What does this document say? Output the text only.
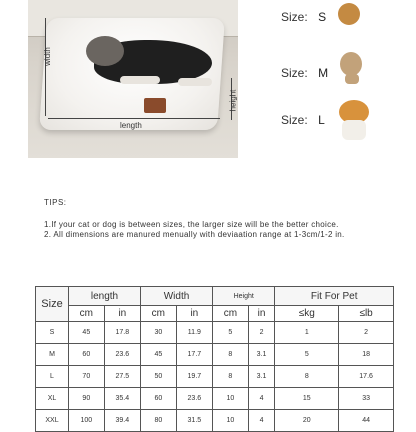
width
length
height
Size: S
Size: M
Size: L
TIPS:
1.If your cat or dog is between sizes, the larger size will be the better choice.
2. All dimensions are manured menually with deviaation range at 1-3cm/1-2 in.
Size	length		Width		Height		Fit For Pet	
	cm	in	cm	in	cm	in	≤kg	≤lb
S	45	17.8	30	11.9	5	2	1	2
M	60	23.6	45	17.7	8	3.1	5	18
L	70	27.5	50	19.7	8	3.1	8	17.6
XL	90	35.4	60	23.6	10	4	15	33
XXL	100	39.4	80	31.5	10	4	20	44
